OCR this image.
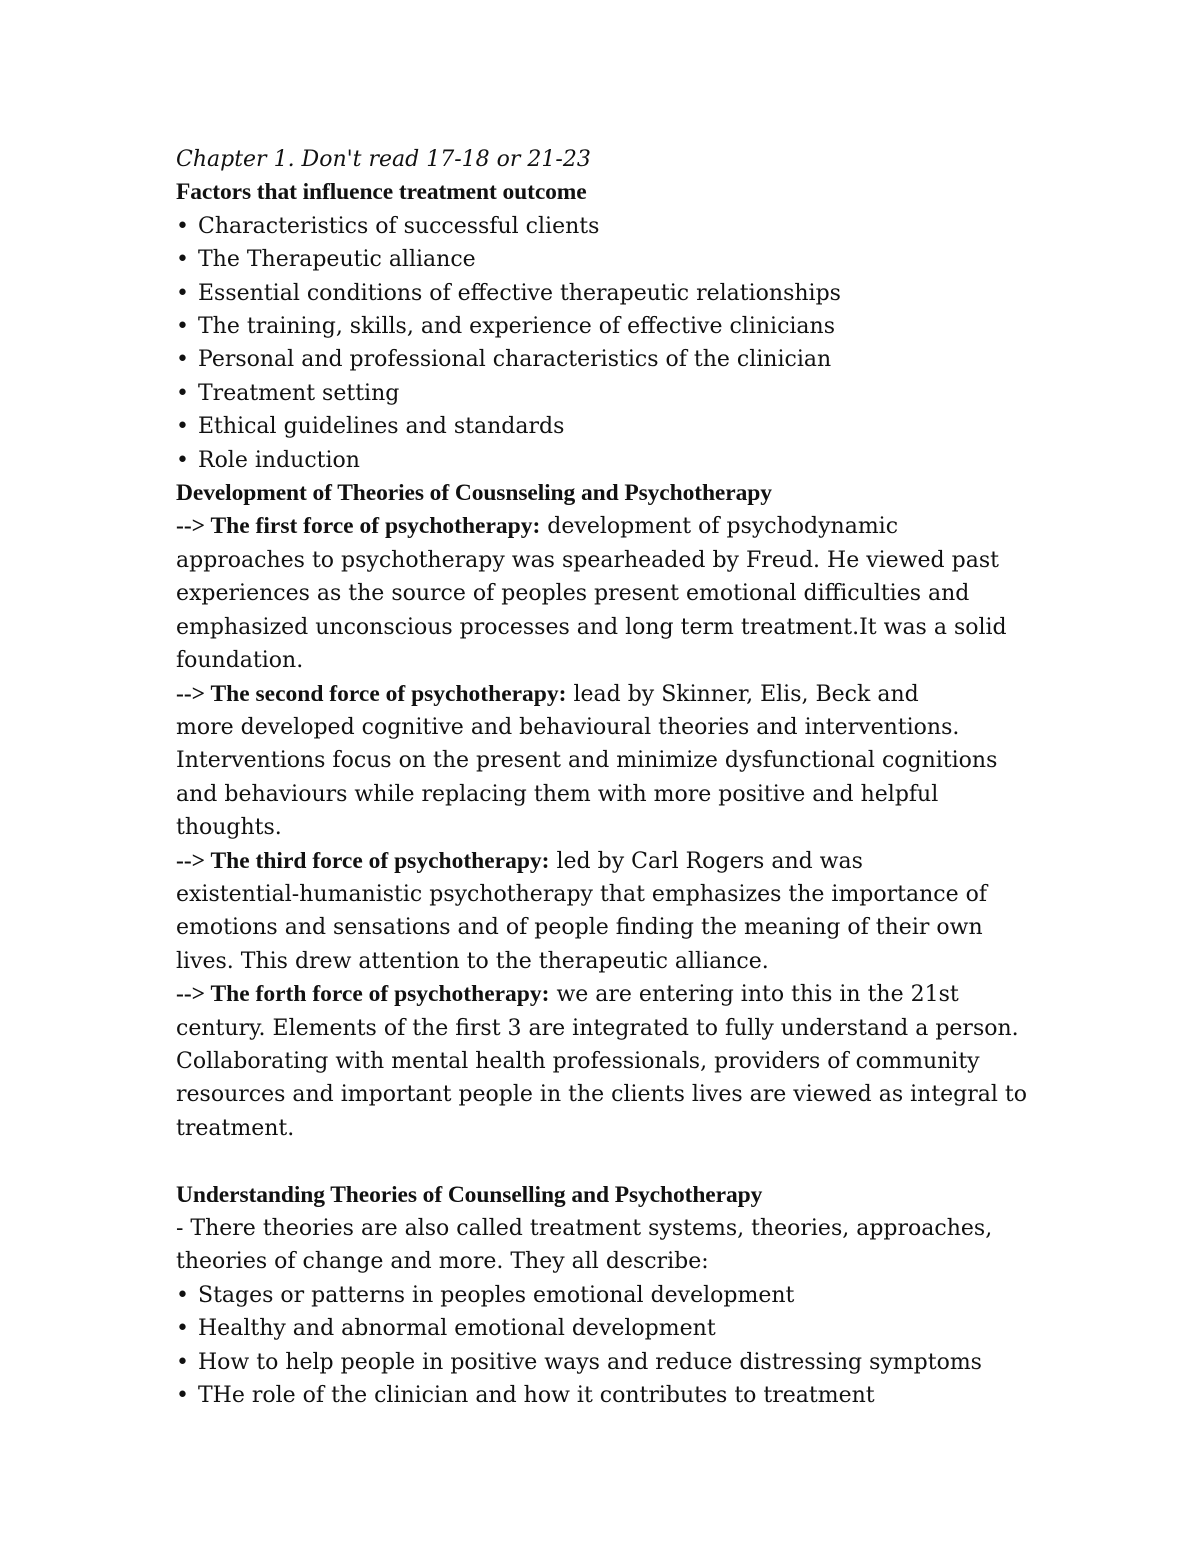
Chapter 1. Don't read 17-18 or 21-23

Factors that influence treatment outcome

• Characteristics of successful clients
• The Therapeutic alliance
• Essential conditions of effective therapeutic relationships
• The training, skills, and experience of effective clinicians
• Personal and professional characteristics of the clinician
• Treatment setting
• Ethical guidelines and standards
• Role induction

Development of Theories of Cousnseling and Psychotherapy

--> The first force of psychotherapy: development of psychodynamic
approaches to psychotherapy was spearheaded by Freud. He viewed past
experiences as the source of peoples present emotional difficulties and
emphasized unconscious processes and long term treatment.It was a solid
foundation.

--> The second force of psychotherapy: lead by Skinner, Elis, Beck and
more developed cognitive and behavioural theories and interventions.
Interventions focus on the present and minimize dysfunctional cognitions
and behaviours while replacing them with more positive and helpful
thoughts.

--> The third force of psychotherapy: led by Carl Rogers and was
existential-humanistic psychotherapy that emphasizes the importance of
emotions and sensations and of people finding the meaning of their own
lives. This drew attention to the therapeutic alliance.

--> The forth force of psychotherapy: we are entering into this in the 21st
century. Elements of the first 3 are integrated to fully understand a person.
Collaborating with mental health professionals, providers of community
resources and important people in the clients lives are viewed as integral to
treatment.

Understanding Theories of Counselling and Psychotherapy

- There theories are also called treatment systems, theories, approaches,
theories of change and more. They all describe:

• Stages or patterns in peoples emotional development
• Healthy and abnormal emotional development
• How to help people in positive ways and reduce distressing symptoms
• THe role of the clinician and how it contributes to treatment
